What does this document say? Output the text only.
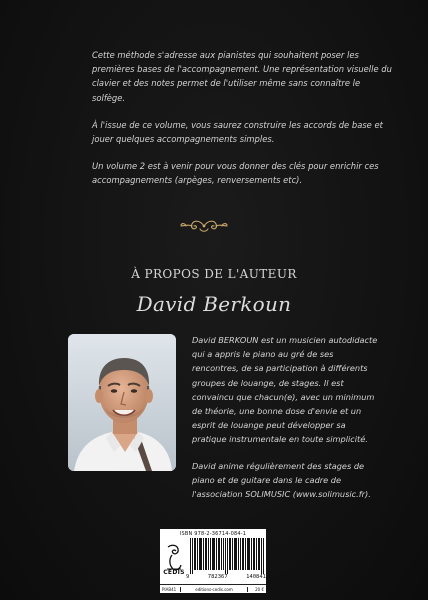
Cette méthode s'adresse aux pianistes qui souhaitent poser les premières bases de l'accompagnement. Une représentation visuelle du clavier et des notes permet de l'utiliser même sans connaître le solfège.

À l'issue de ce volume, vous saurez construire les accords de base et jouer quelques accompagnements simples.

Un volume 2 est à venir pour vous donner des clés pour enrichir ces accompagnements (arpèges, renversements etc).

À PROPOS DE L'AUTEUR
David Berkoun

David BERKOUN est un musicien autodidacte qui a appris le piano au gré de ses rencontres, de sa participation à différents groupes de louange, de stages. Il est convaincu que chacun(e), avec un minimum de théorie, une bonne dose d'envie et un esprit de louange peut développer sa pratique instrumentale en toute simplicité.

David anime régulièrement des stages de piano et de guitare dans le cadre de l'association SOLIMUSIC (www.solimusic.fr).

ISBN 978-2-36714-084-1
CEDIS
9	782367	140841
PIAB41	editions-cedis.com	20 €
